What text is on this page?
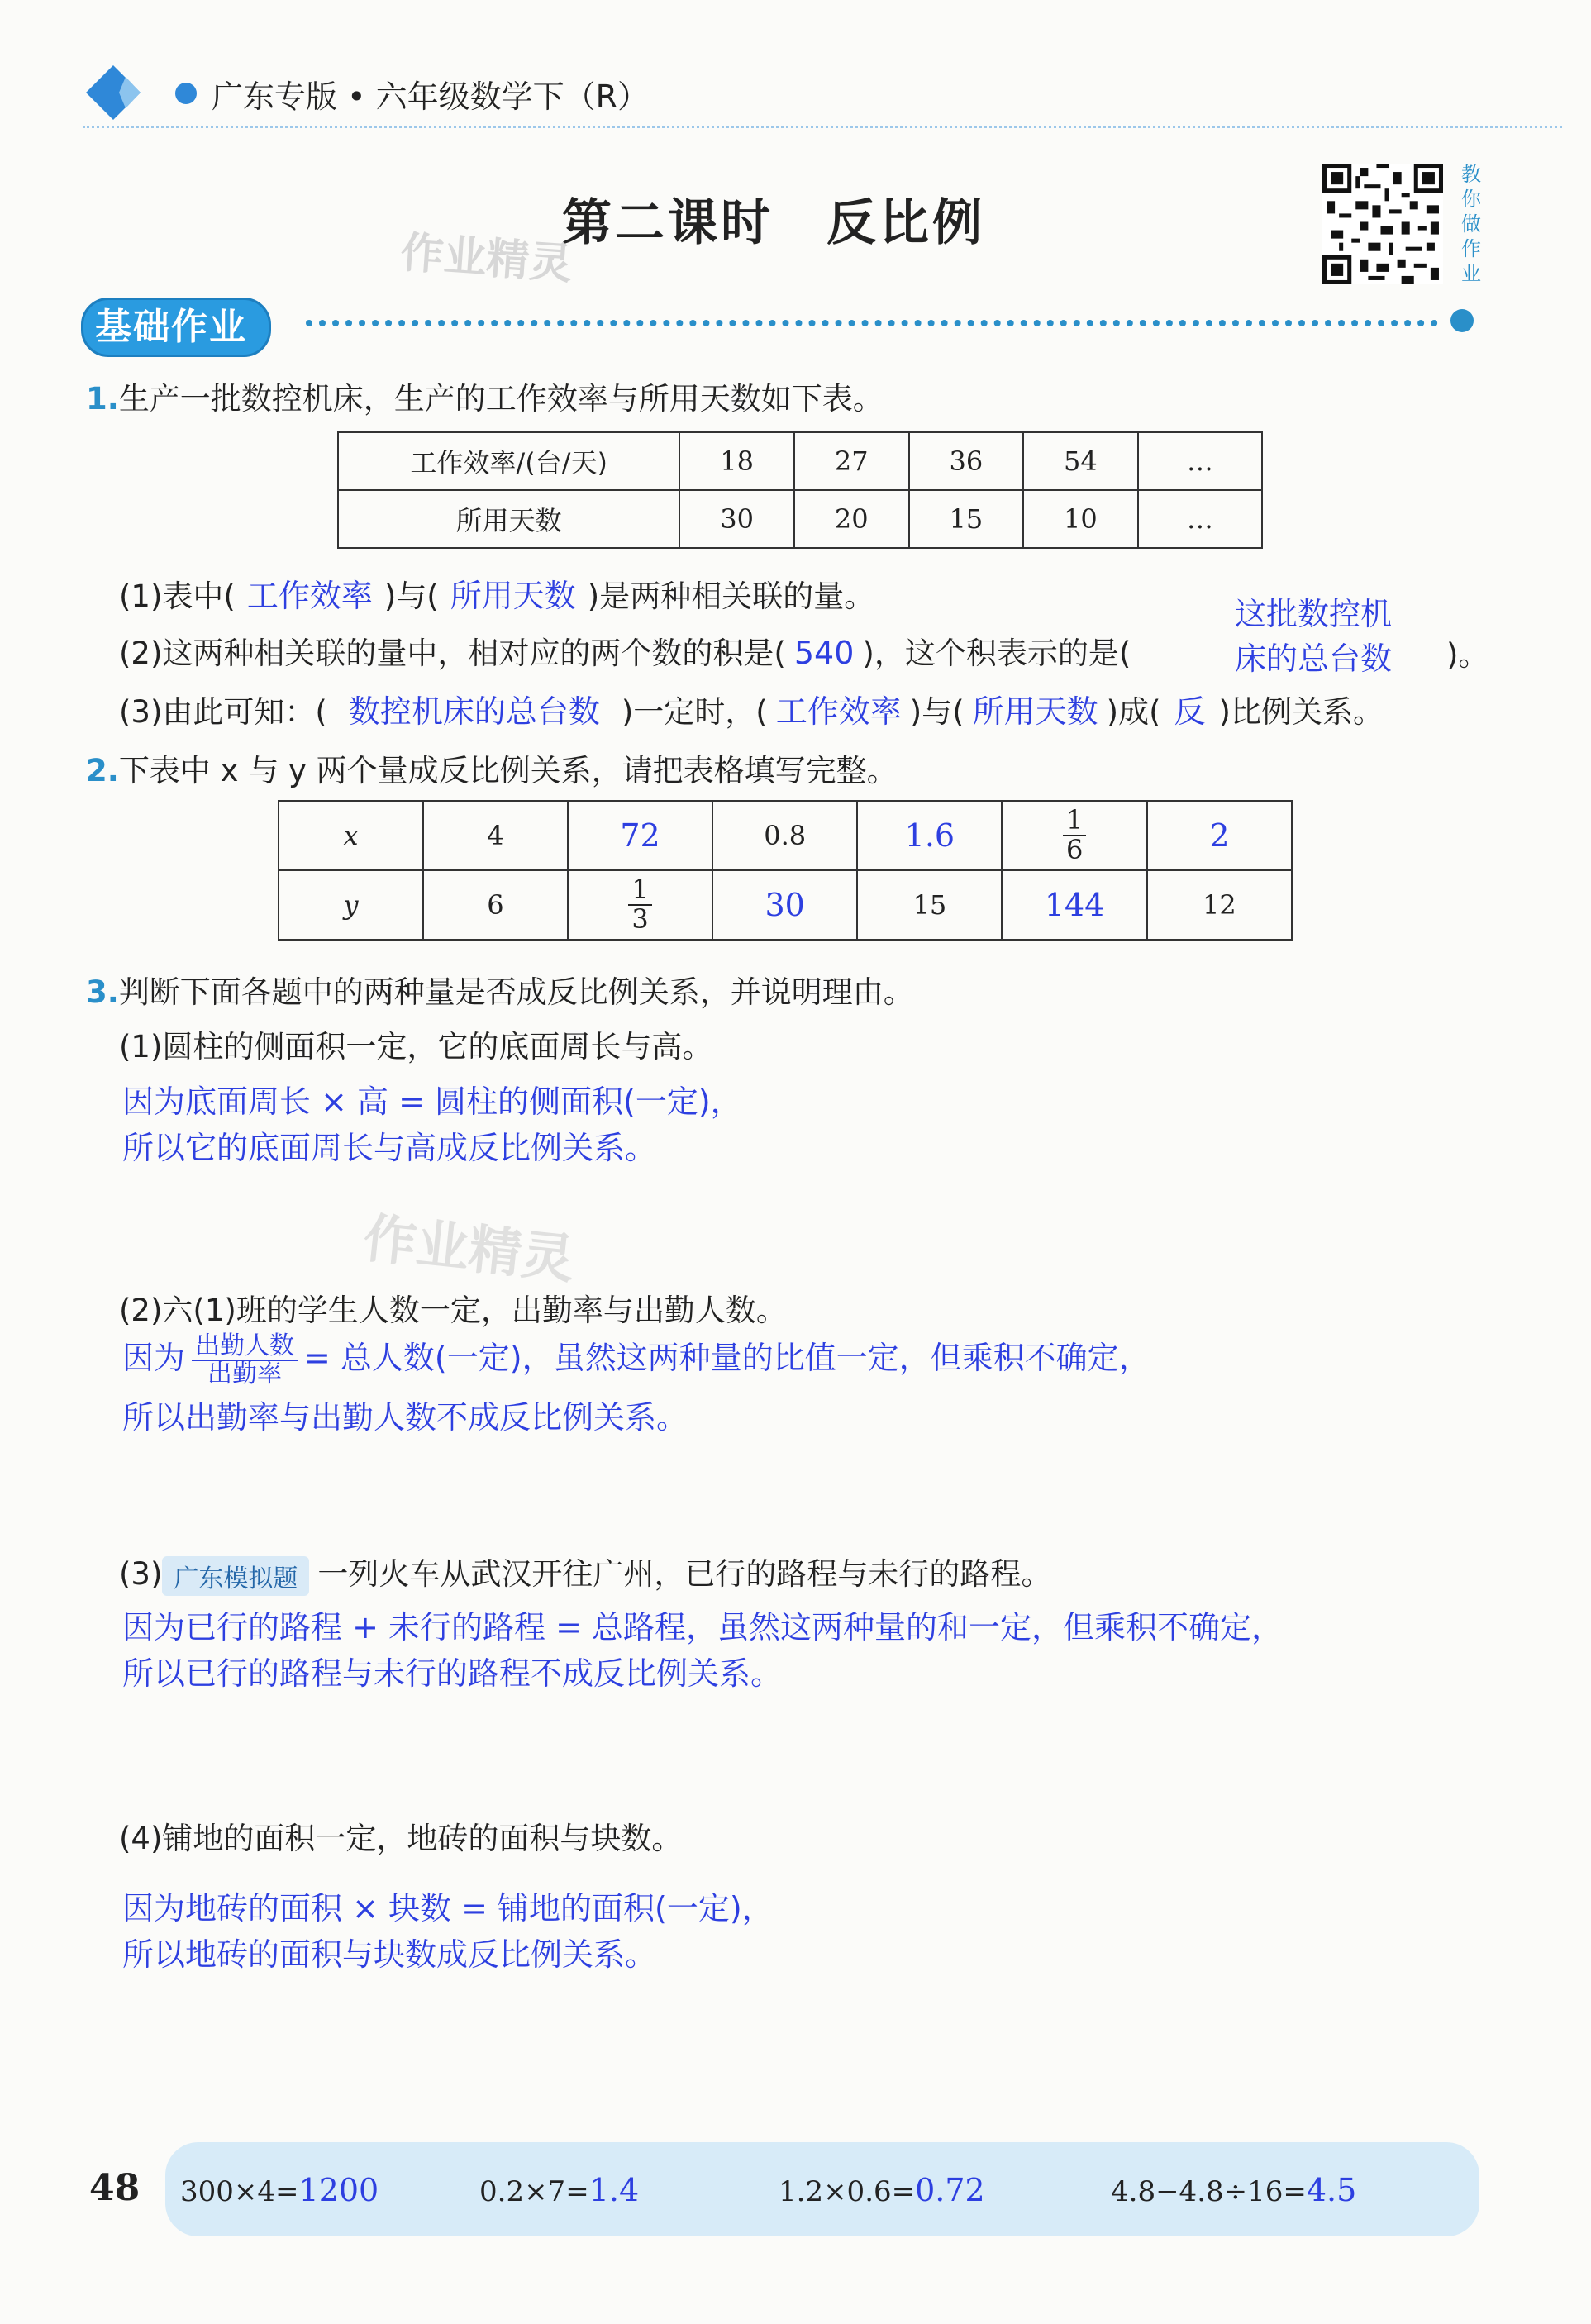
广东专版 • 六年级数学下（R）
第二课时　反比例
作业精灵
教
你
做
作
业
基础作业
1.生产一批数控机床，生产的工作效率与所用天数如下表。
工作效率/(台/天)	18	27	36	54	…
所用天数	30	20	15	10	…
(1)表中( 工作效率 )与( 所用天数 )是两种相关联的量。
(2)这两种相关联的量中，相对应的两个数的积是( 540 )，这个积表示的是(
这批数控机
床的总台数 )。
(3)由此可知：( 数控机床的总台数 )一定时，( 工作效率 )与( 所用天数 )成( 反 )比例关系。
2.下表中 x 与 y 两个量成反比例关系，请把表格填写完整。
x	4	72	0.8	1.6	$\frac{1}{6}$	2
y	6	$\frac{1}{3}$	30	15	144	12
3.判断下面各题中的两种量是否成反比例关系，并说明理由。
(1)圆柱的侧面积一定，它的底面周长与高。
因为底面周长 × 高 = 圆柱的侧面积(一定)，
所以它的底面周长与高成反比例关系。
作业精灵
(2)六(1)班的学生人数一定，出勤率与出勤人数。
因为 $\frac{\text{出勤人数}}{\text{出勤率}}$ = 总人数(一定)，虽然这两种量的比值一定，但乘积不确定，
所以出勤率与出勤人数不成反比例关系。
(3) 广东模拟题 一列火车从武汉开往广州，已行的路程与未行的路程。
因为已行的路程 + 未行的路程 = 总路程，虽然这两种量的和一定，但乘积不确定，
所以已行的路程与未行的路程不成反比例关系。
(4)铺地的面积一定，地砖的面积与块数。
因为地砖的面积 × 块数 = 铺地的面积(一定)，
所以地砖的面积与块数成反比例关系。
48 300×4=1200	0.2×7=1.4	1.2×0.6=0.72	4.8−4.8÷16=4.5
